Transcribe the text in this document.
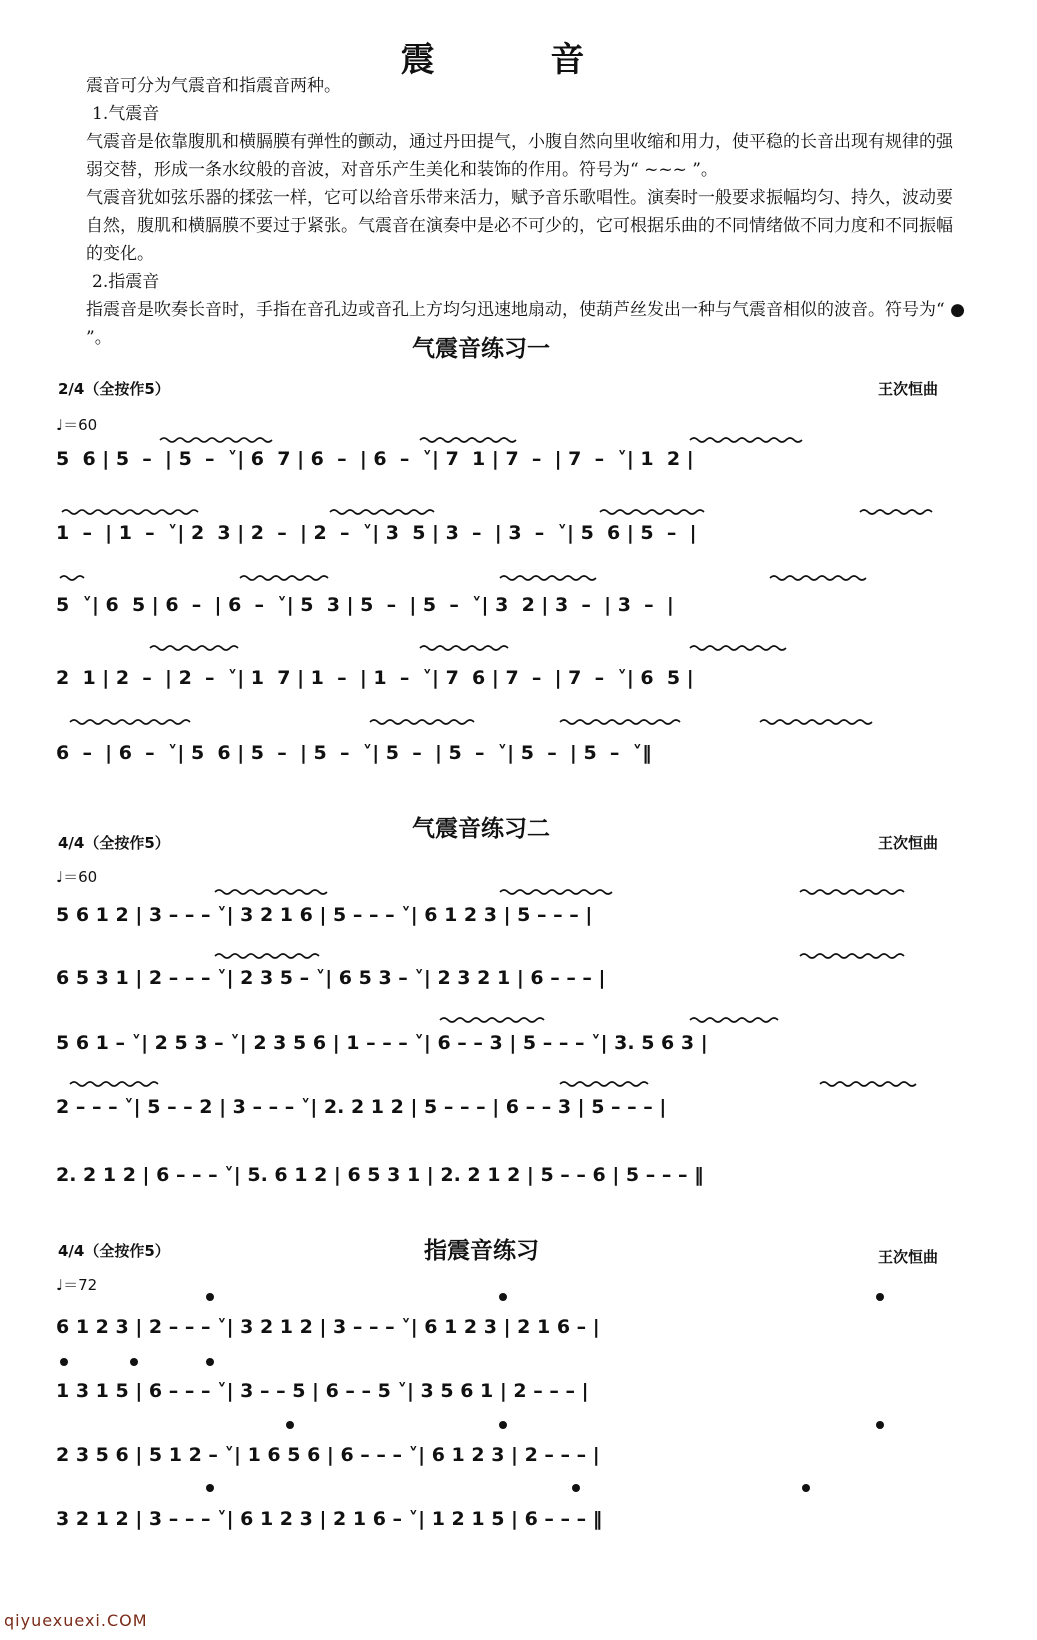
震 音

震音可分为气震音和指震音两种。

1.气震音

气震音是依靠腹肌和横膈膜有弹性的颤动，通过丹田提气，小腹自然向里收缩和用力，使平稳的长音出现有规律的强弱交替，形成一条水纹般的音波，对音乐产生美化和装饰的作用。符号为“ ~~~ ”。

气震音犹如弦乐器的揉弦一样，它可以给音乐带来活力，赋予音乐歌唱性。演奏时一般要求振幅均匀、持久，波动要自然，腹肌和横膈膜不要过于紧张。气震音在演奏中是必不可少的，它可根据乐曲的不同情绪做不同力度和不同振幅的变化。

2.指震音

指震音是吹奏长音时，手指在音孔边或音孔上方均匀迅速地扇动，使葫芦丝发出一种与气震音相似的波音。符号为“ ● ”。	气震音练习一
2/4（全按作5）	王次恒曲
♩＝60
5  6 | 5  –  | 5  –  ˅| 6  7 | 6  –  | 6  –  ˅| 7  1 | 7  –  | 7  –  ˅| 1  2 |
1  –  | 1  –  ˅| 2  3 | 2  –  | 2  –  ˅| 3  5 | 3  –  | 3  –  ˅| 5  6 | 5  –  |
5  ˅| 6  5 | 6  –  | 6  –  ˅| 5  3 | 5  –  | 5  –  ˅| 3  2 | 3  –  | 3  –  |
2  1 | 2  –  | 2  –  ˅| 1  7 | 1  –  | 1  –  ˅| 7  6 | 7  –  | 7  –  ˅| 6  5 |
6  –  | 6  –  ˅| 5  6 | 5  –  | 5  –  ˅| 5  –  | 5  –  ˅| 5  –  | 5  –  ˅‖
气震音练习二
4/4（全按作5）	王次恒曲
♩＝60
5 6 1 2 | 3 – – – ˅| 3 2 1 6 | 5 – – – ˅| 6 1 2 3 | 5 – – – |
6 5 3 1 | 2 – – – ˅| 2 3 5 – ˅| 6 5 3 – ˅| 2 3 2 1 | 6 – – – |
5 6 1 – ˅| 2 5 3 – ˅| 2 3 5 6 | 1 – – – ˅| 6 – – 3 | 5 – – – ˅| 3. 5 6 3 |
2 – – – ˅| 5 – – 2 | 3 – – – ˅| 2. 2 1 2 | 5 – – – | 6 – – 3 | 5 – – – |
2. 2 1 2 | 6 – – – ˅| 5. 6 1 2 | 6 5 3 1 | 2. 2 1 2 | 5 – – 6 | 5 – – – ‖
指震音练习
4/4（全按作5）	王次恒曲
♩＝72
6 1 2 3 | 2 – – – ˅| 3 2 1 2 | 3 – – – ˅| 6 1 2 3 | 2 1 6 – |
1 3 1 5 | 6 – – – ˅| 3 – – 5 | 6 – – 5 ˅| 3 5 6 1 | 2 – – – |
2 3 5 6 | 5 1 2 – ˅| 1 6 5 6 | 6 – – – ˅| 6 1 2 3 | 2 – – – |
3 2 1 2 | 3 – – – ˅| 6 1 2 3 | 2 1 6 – ˅| 1 2 1 5 | 6 – – – ‖
qiyuexuexi.COM
